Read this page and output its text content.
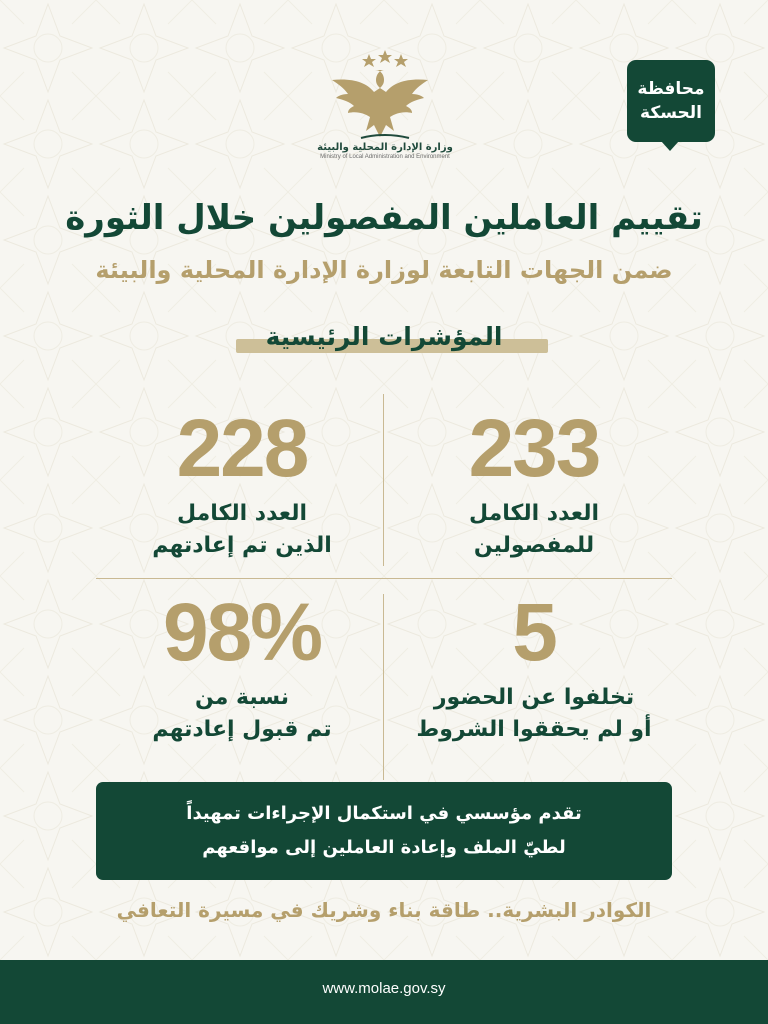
وزارة الإدارة المحلية والبيئة
Ministry of Local Administration and Environment
محافظة
الحسكة
تقييم العاملين المفصولين خلال الثورة
ضمن الجهات التابعة لوزارة الإدارة المحلية والبيئة
المؤشرات الرئيسية
233
العدد الكامل
للمفصولين
228
العدد الكامل
الذين تم إعادتهم
5
تخلفوا عن الحضور
أو لم يحققوا الشروط
98%
نسبة من
تم قبول إعادتهم
تقدم مؤسسي في استكمال الإجراءات تمهيداً
لطيّ الملف وإعادة العاملين إلى مواقعهم
الكوادر البشرية.. طاقة بناء وشريك في مسيرة التعافي
www.molae.gov.sy
